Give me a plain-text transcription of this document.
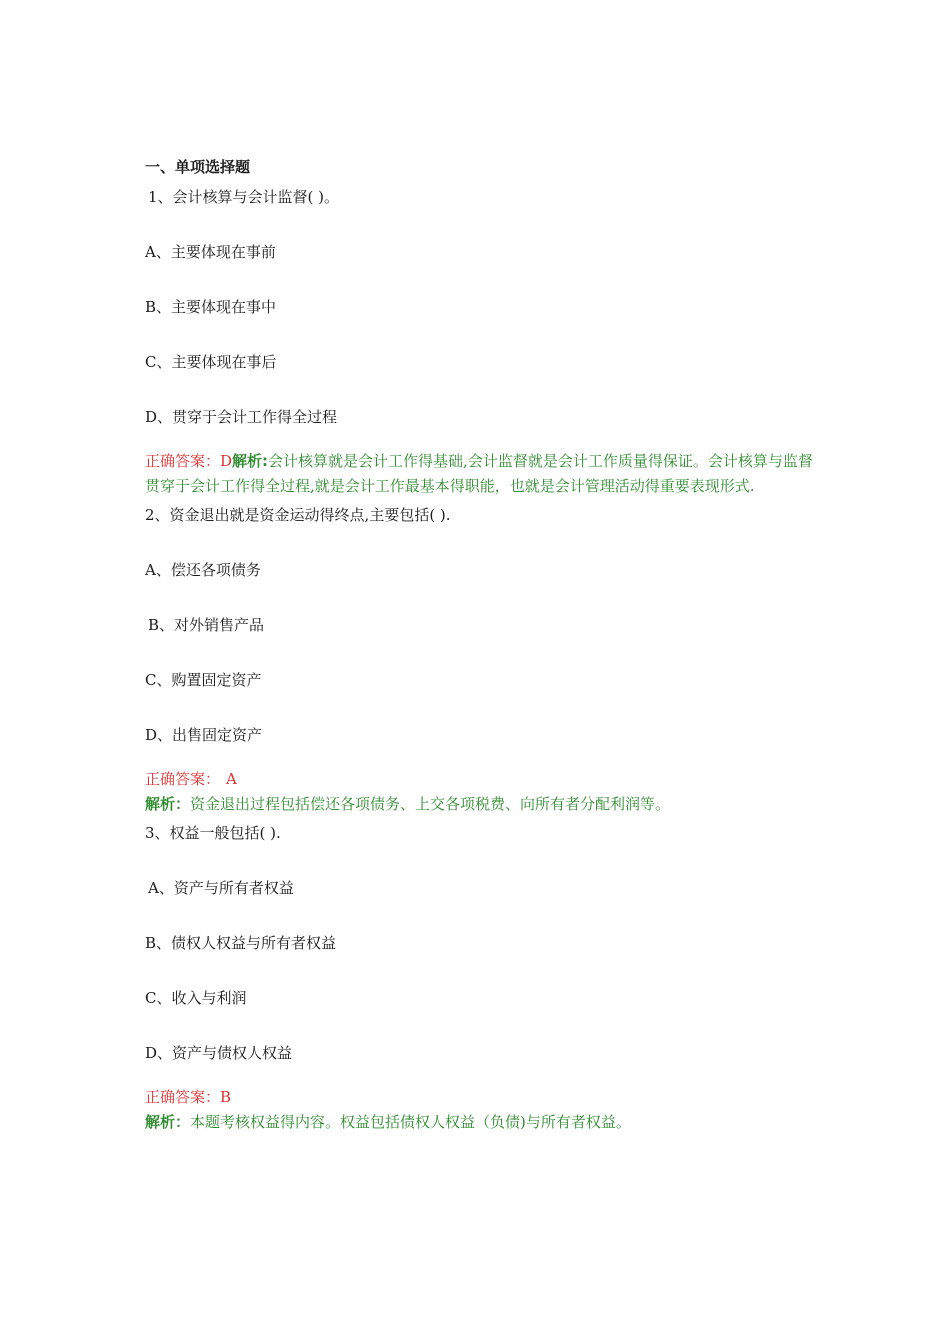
一、单项选择题

1、会计核算与会计监督( )。

A、主要体现在事前

B、主要体现在事中

C、主要体现在事后

D、贯穿于会计工作得全过程

正确答案：D解析:会计核算就是会计工作得基础,会计监督就是会计工作质量得保证。会计核算与监督贯穿于会计工作得全过程,就是会计工作最基本得职能，也就是会计管理活动得重要表现形式.

2、资金退出就是资金运动得终点,主要包括( ).

A、偿还各项债务

B、对外销售产品

C、购置固定资产

D、出售固定资产

正确答案： A
解析：资金退出过程包括偿还各项债务、上交各项税费、向所有者分配利润等。

3、权益一般包括( ).

A、资产与所有者权益

B、债权人权益与所有者权益

C、收入与利润

D、资产与债权人权益

正确答案：B
解析：本题考核权益得内容。权益包括债权人权益（负债)与所有者权益。
